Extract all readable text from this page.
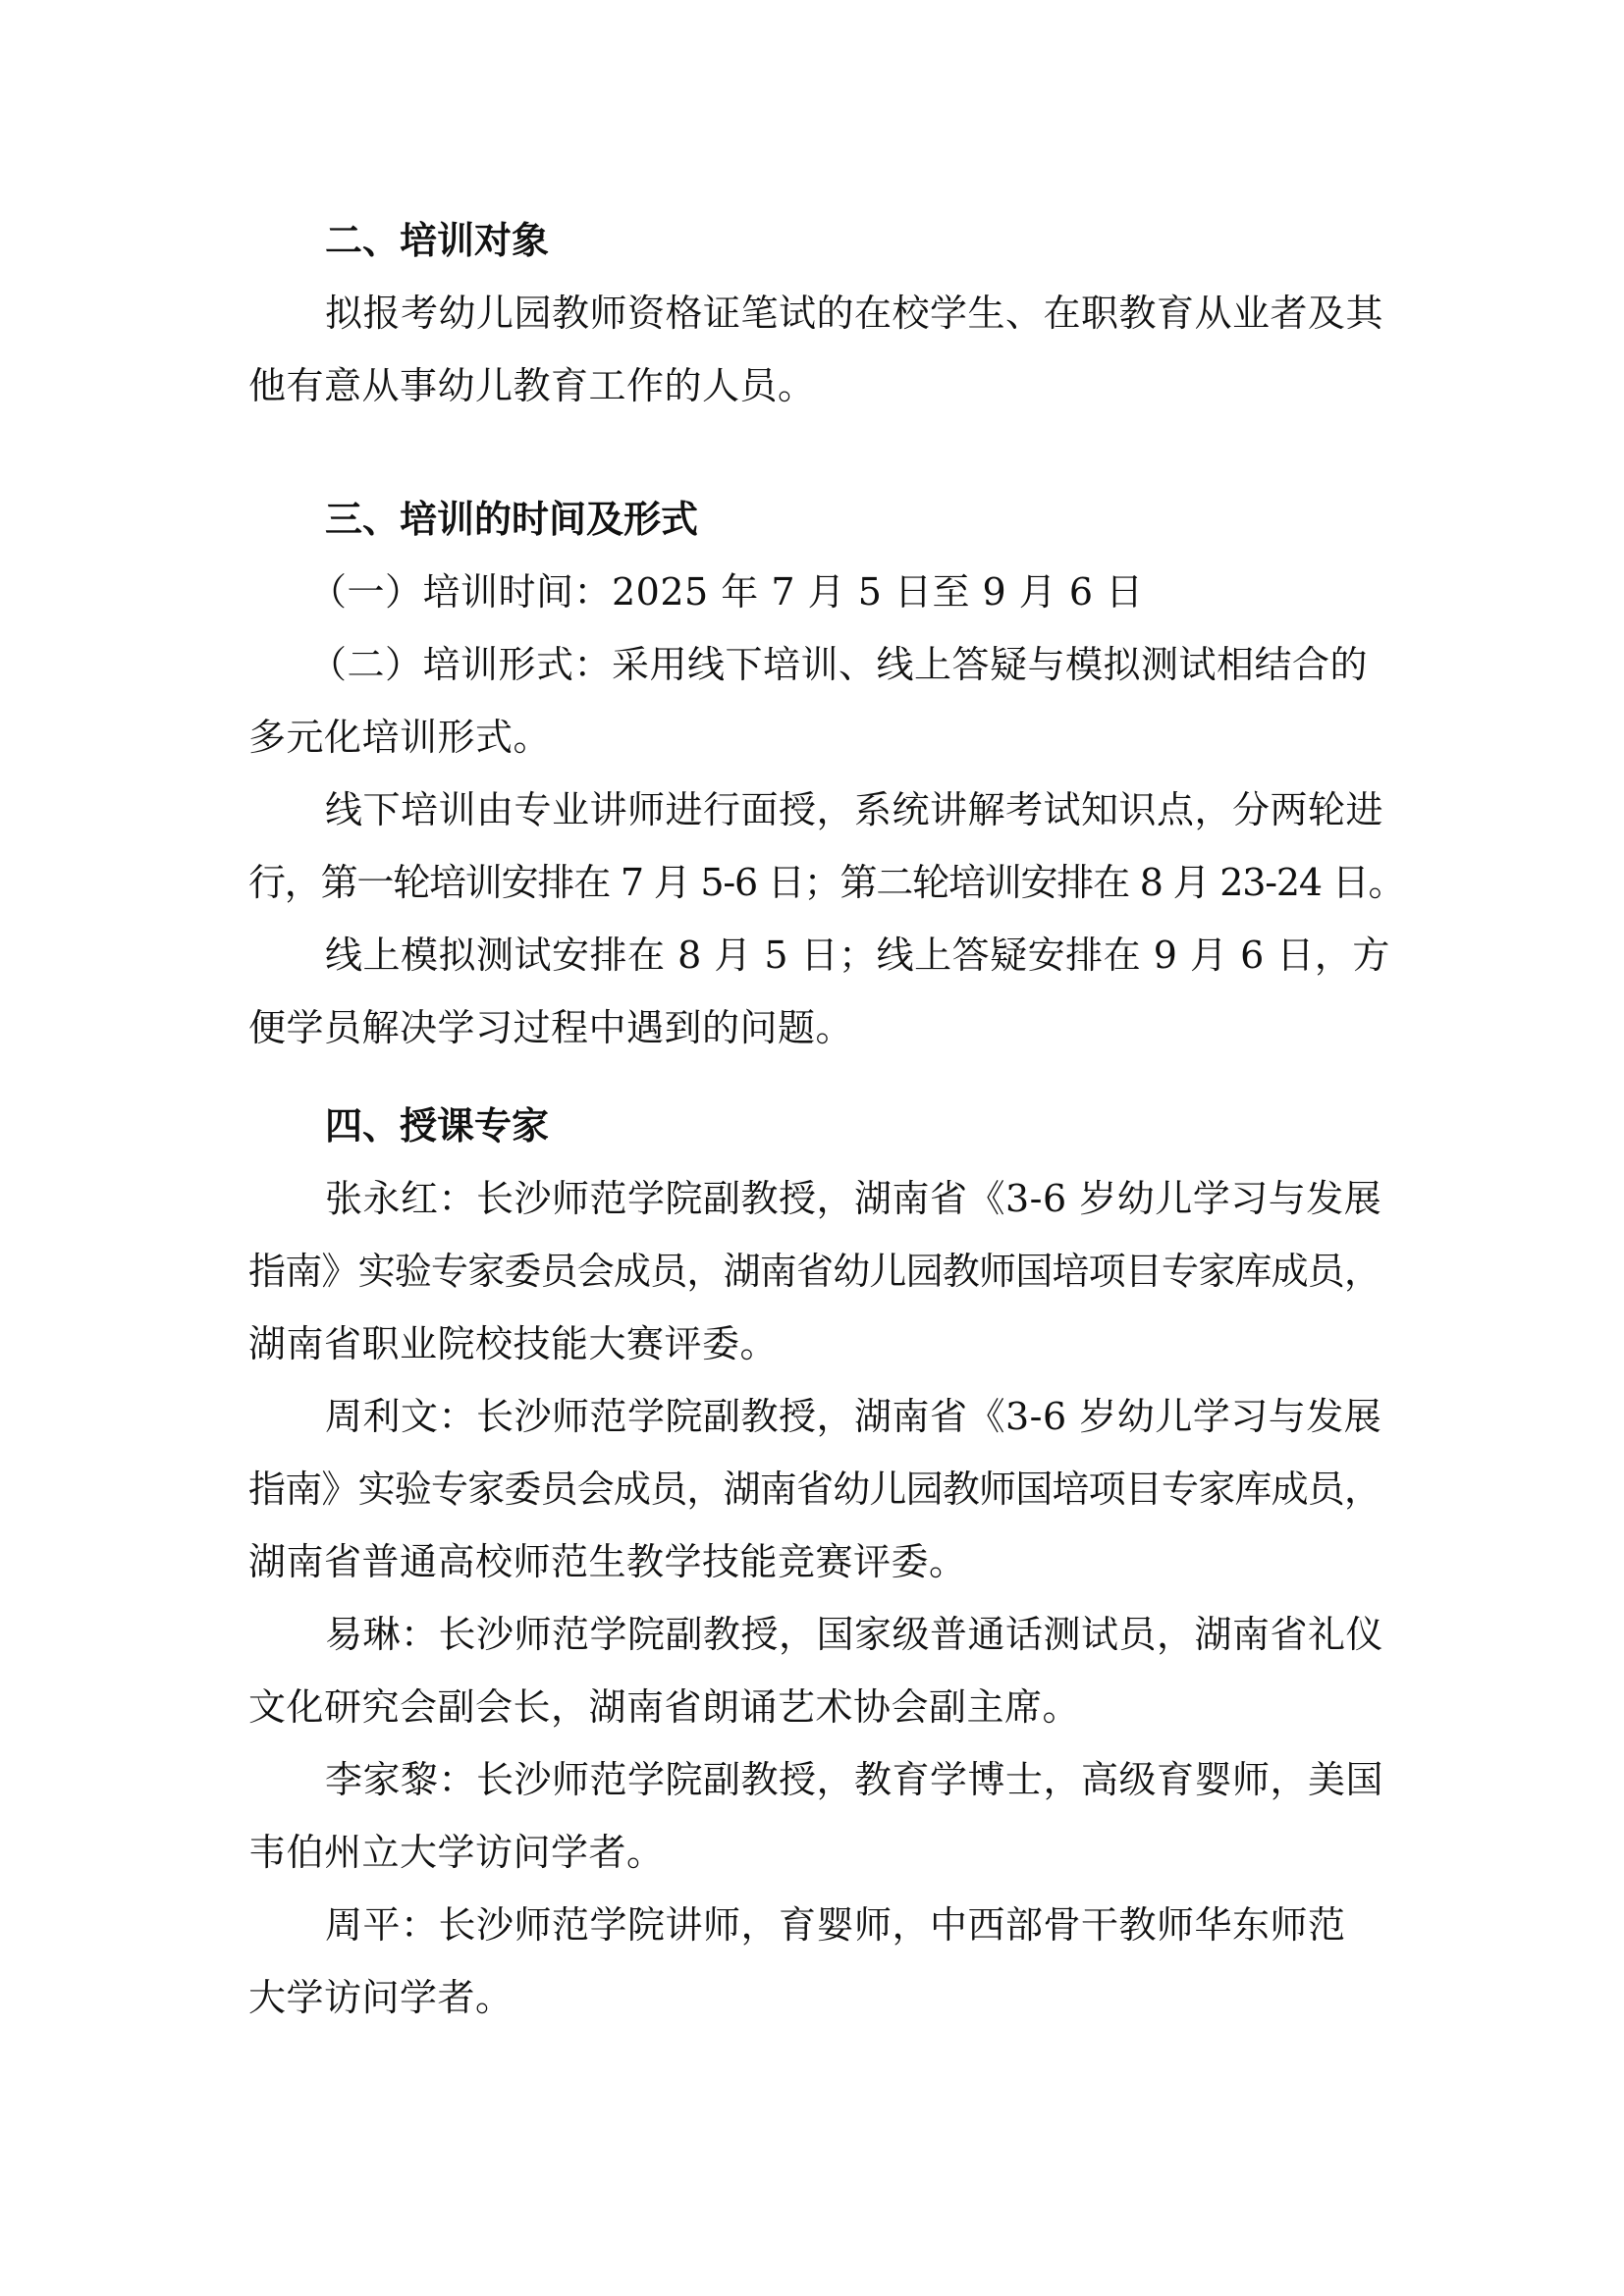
二、培训对象

拟报考幼儿园教师资格证笔试的在校学生、在职教育从业者及其
他有意从事幼儿教育工作的人员。

三、培训的时间及形式

（一）培训时间：2025 年 7 月 5 日至 9 月 6 日

（二）培训形式：采用线下培训、线上答疑与模拟测试相结合的
多元化培训形式。

线下培训由专业讲师进行面授，系统讲解考试知识点，分两轮进
行，第一轮培训安排在 7 月 5-6 日；第二轮培训安排在 8 月 23-24 日。

线上模拟测试安排在 8 月 5 日；线上答疑安排在 9 月 6 日，方
便学员解决学习过程中遇到的问题。

四、授课专家

张永红：长沙师范学院副教授，湖南省《3-6 岁幼儿学习与发展
指南》实验专家委员会成员，湖南省幼儿园教师国培项目专家库成员，
湖南省职业院校技能大赛评委。

周利文：长沙师范学院副教授，湖南省《3-6 岁幼儿学习与发展
指南》实验专家委员会成员，湖南省幼儿园教师国培项目专家库成员，
湖南省普通高校师范生教学技能竞赛评委。

易琳：长沙师范学院副教授，国家级普通话测试员，湖南省礼仪
文化研究会副会长，湖南省朗诵艺术协会副主席。

李家黎：长沙师范学院副教授，教育学博士，高级育婴师，美国
韦伯州立大学访问学者。

周平：长沙师范学院讲师，育婴师，中西部骨干教师华东师范
大学访问学者。
